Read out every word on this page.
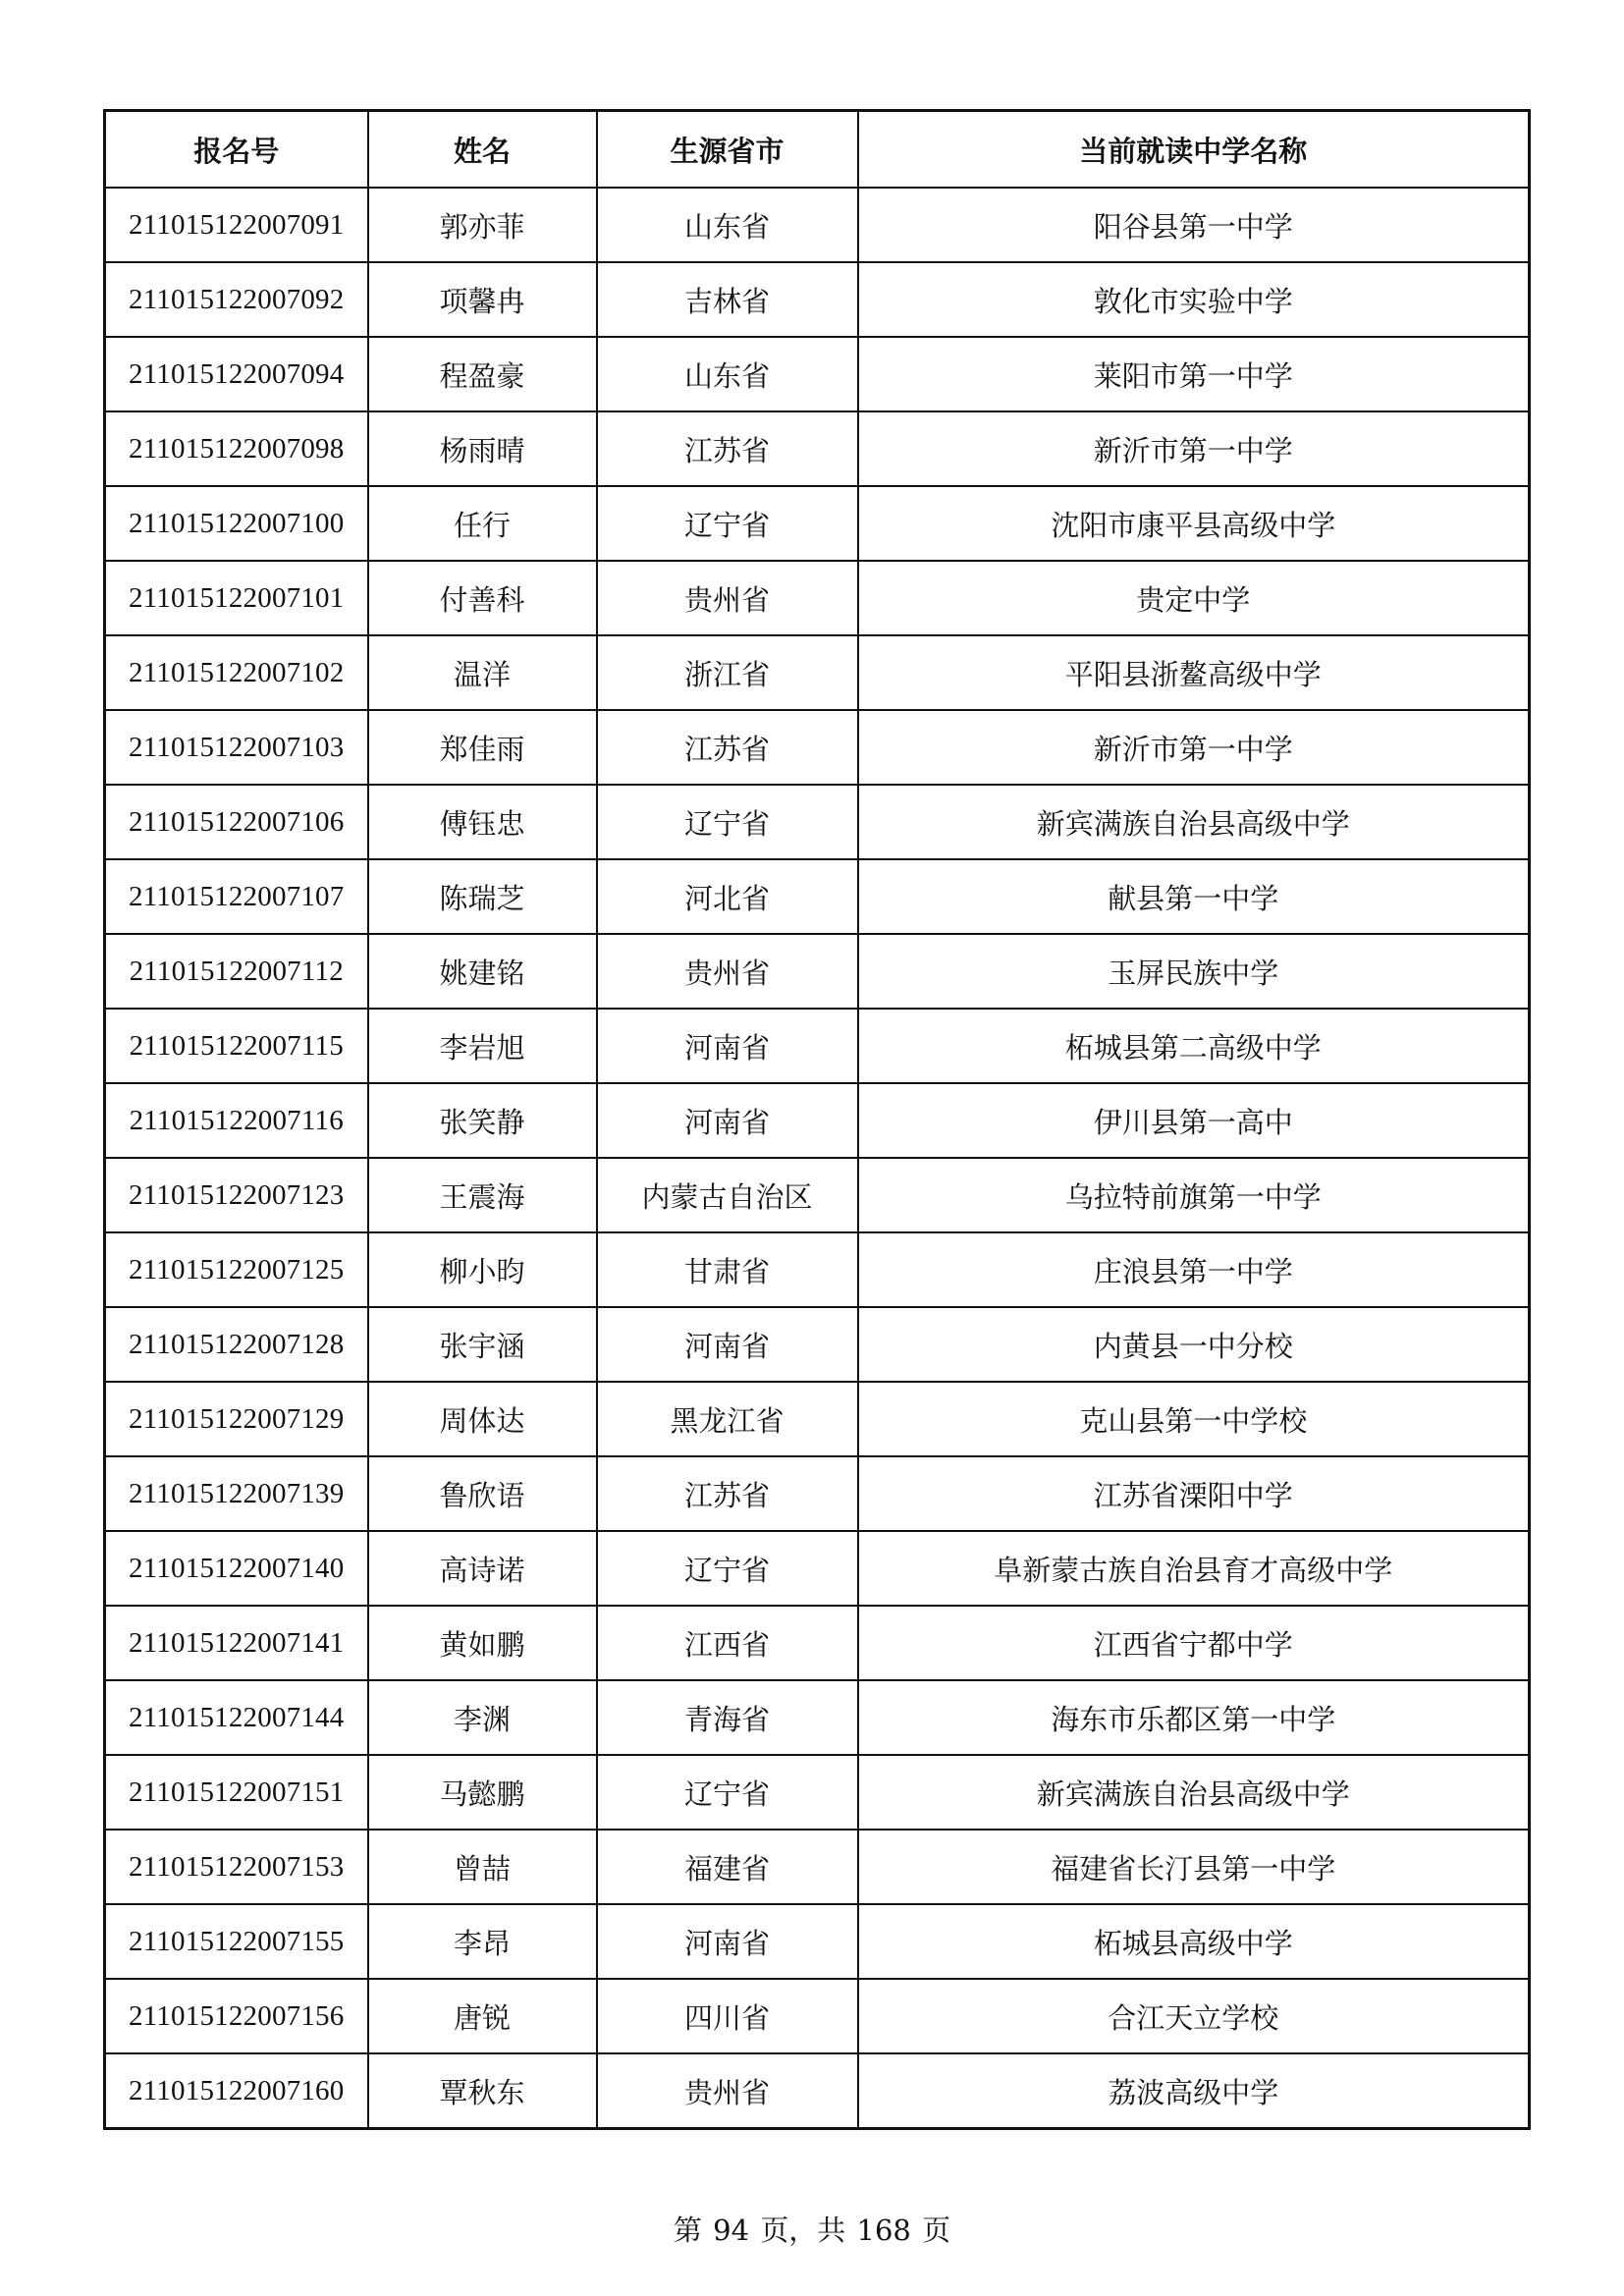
报名号	姓名	生源省市	当前就读中学名称
211015122007091	郭亦菲	山东省	阳谷县第一中学
211015122007092	项馨冉	吉林省	敦化市实验中学
211015122007094	程盈豪	山东省	莱阳市第一中学
211015122007098	杨雨晴	江苏省	新沂市第一中学
211015122007100	任行	辽宁省	沈阳市康平县高级中学
211015122007101	付善科	贵州省	贵定中学
211015122007102	温洋	浙江省	平阳县浙鳌高级中学
211015122007103	郑佳雨	江苏省	新沂市第一中学
211015122007106	傅钰忠	辽宁省	新宾满族自治县高级中学
211015122007107	陈瑞芝	河北省	献县第一中学
211015122007112	姚建铭	贵州省	玉屏民族中学
211015122007115	李岩旭	河南省	柘城县第二高级中学
211015122007116	张笑静	河南省	伊川县第一高中
211015122007123	王震海	内蒙古自治区	乌拉特前旗第一中学
211015122007125	柳小昀	甘肃省	庄浪县第一中学
211015122007128	张宇涵	河南省	内黄县一中分校
211015122007129	周体达	黑龙江省	克山县第一中学校
211015122007139	鲁欣语	江苏省	江苏省溧阳中学
211015122007140	高诗诺	辽宁省	阜新蒙古族自治县育才高级中学
211015122007141	黄如鹏	江西省	江西省宁都中学
211015122007144	李渊	青海省	海东市乐都区第一中学
211015122007151	马懿鹏	辽宁省	新宾满族自治县高级中学
211015122007153	曾喆	福建省	福建省长汀县第一中学
211015122007155	李昂	河南省	柘城县高级中学
211015122007156	唐锐	四川省	合江天立学校
211015122007160	覃秋东	贵州省	荔波高级中学
第 94 页，共 168 页
